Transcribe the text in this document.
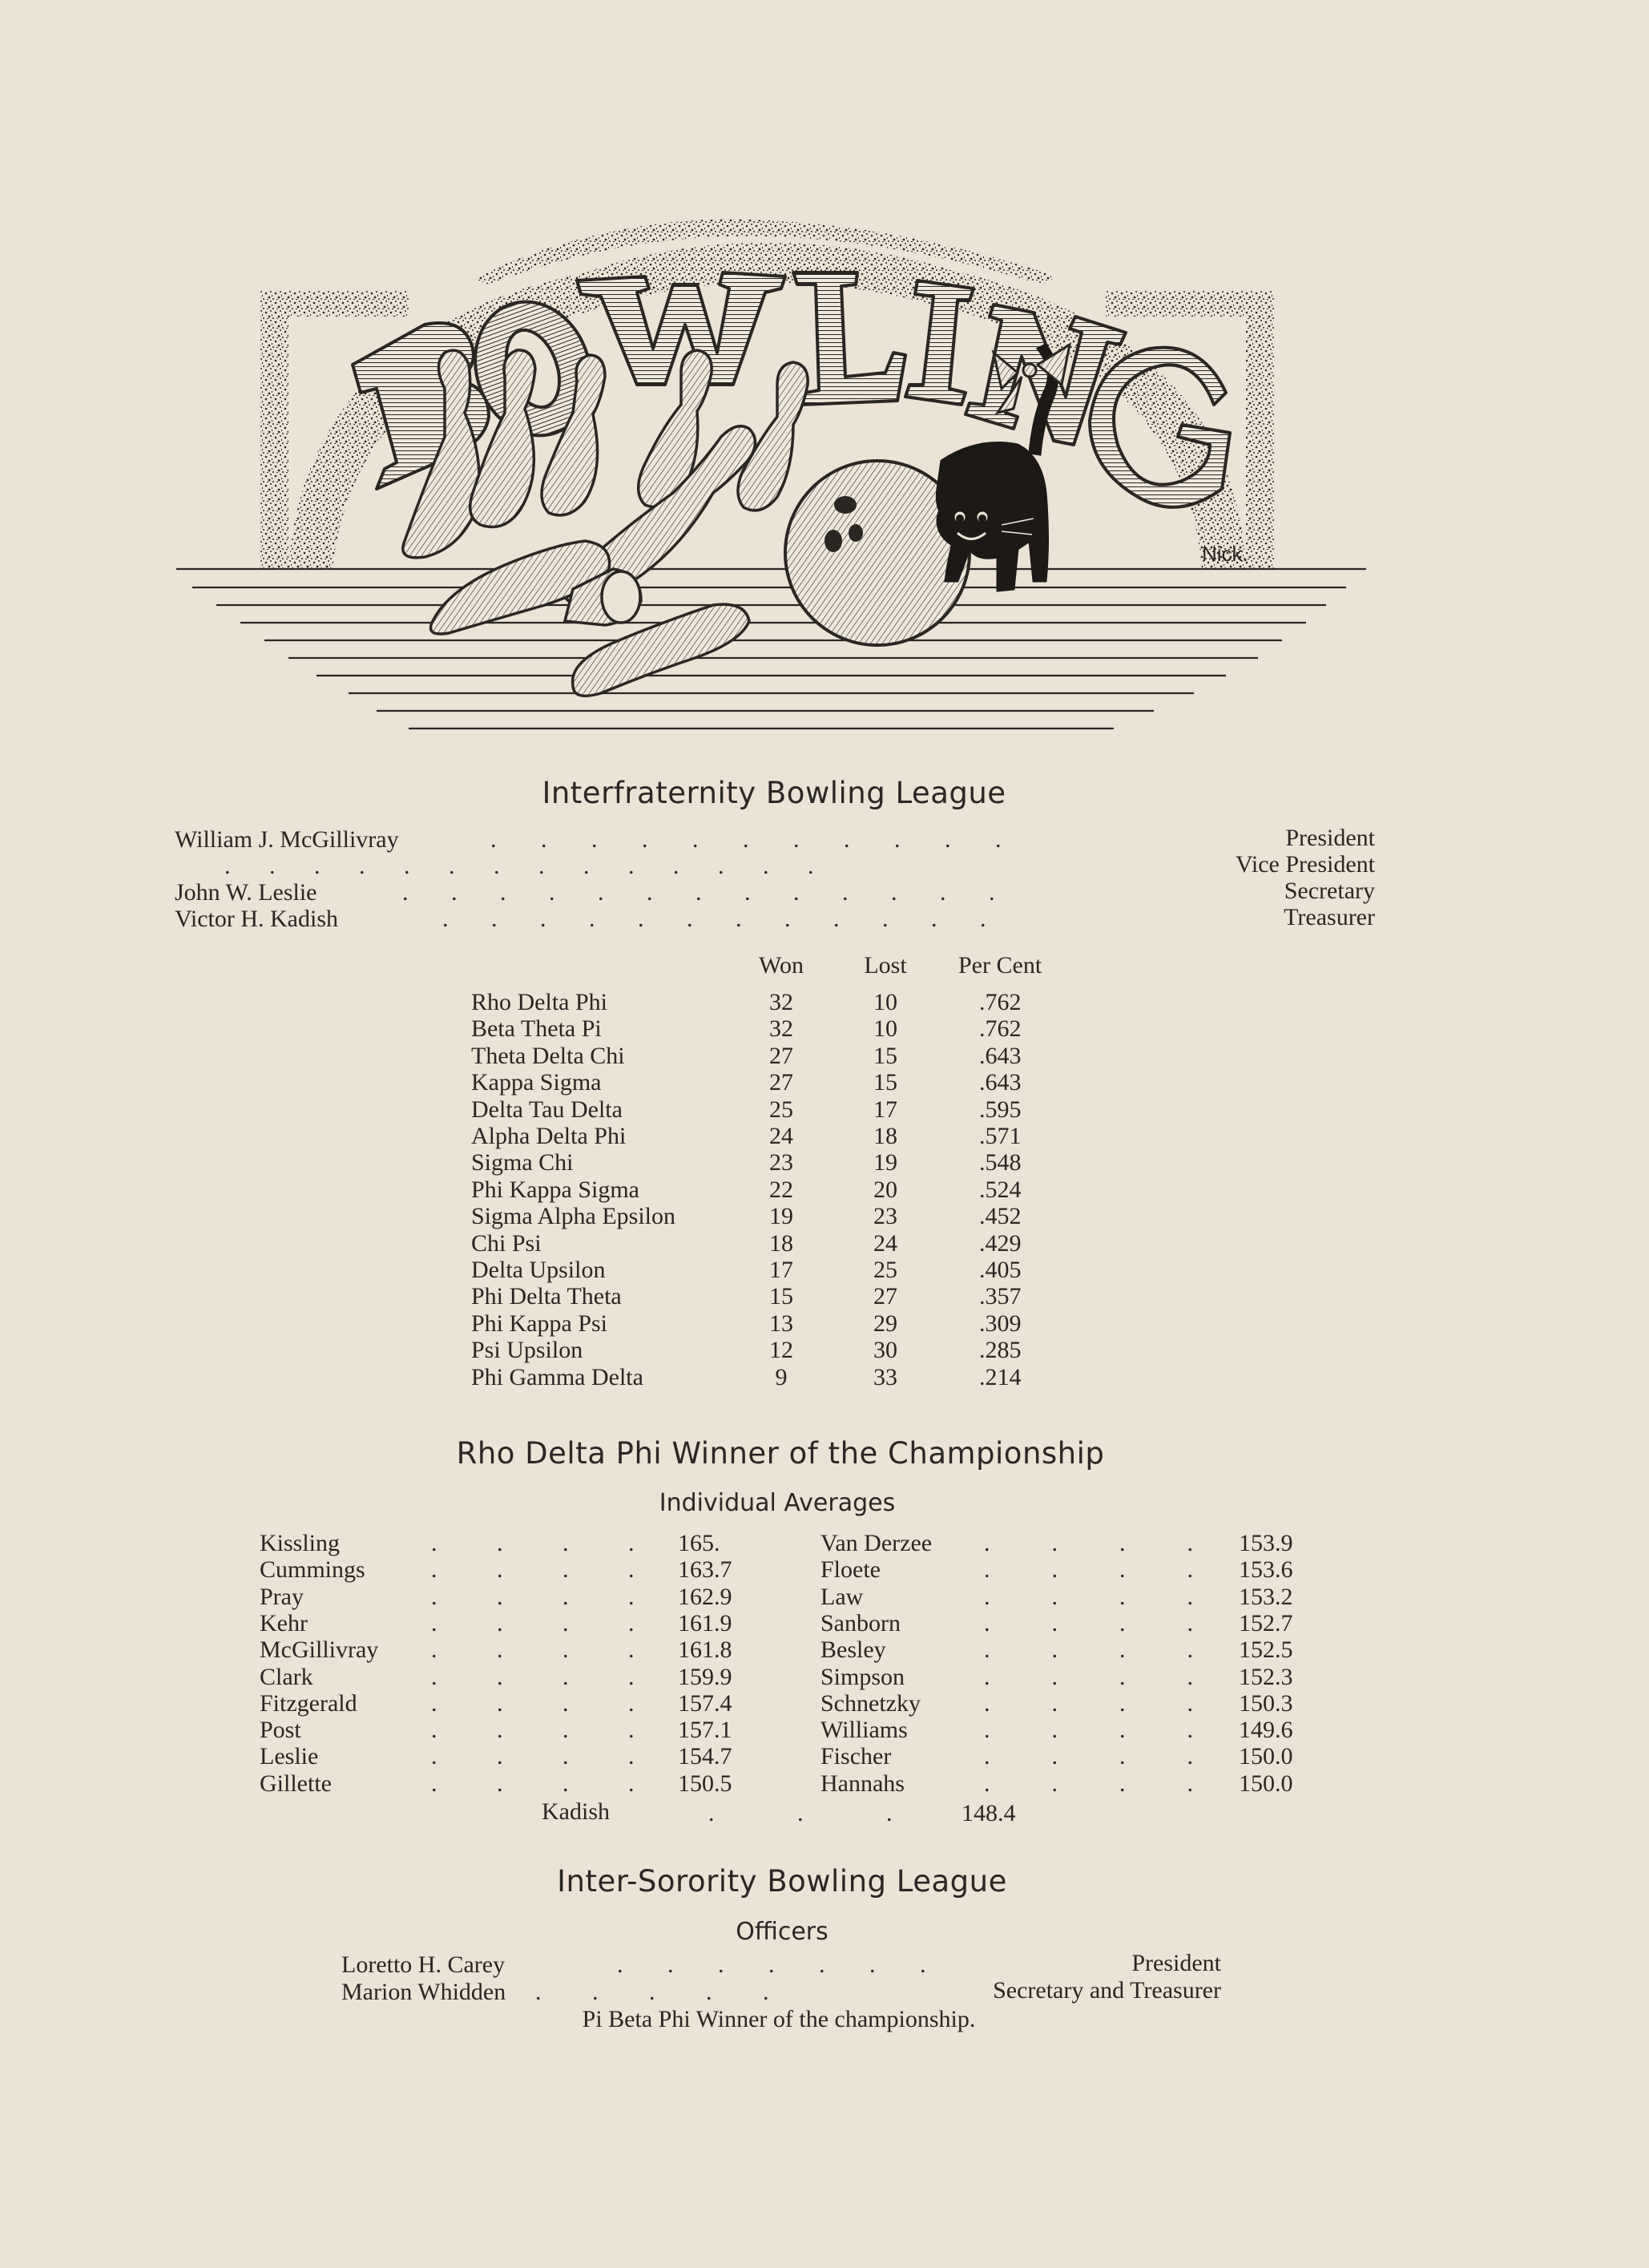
Nick.
Interfraternity Bowling League
William J. McGillivray	. . . . . . . . . . .	President
. . . . . . . . . . . . . .	Vice President
John W. Leslie	. . . . . . . . . . . . .	Secretary
Victor H. Kadish	. . . . . . . . . . . .	Treasurer
Won	Lost	Per Cent
Rho Delta Phi	32	10	.762
Beta Theta Pi	32	10	.762
Theta Delta Chi	27	15	.643
Kappa Sigma	27	15	.643
Delta Tau Delta	25	17	.595
Alpha Delta Phi	24	18	.571
Sigma Chi	23	19	.548
Phi Kappa Sigma	22	20	.524
Sigma Alpha Epsilon	19	23	.452
Chi Psi	18	24	.429
Delta Upsilon	17	25	.405
Phi Delta Theta	15	27	.357
Phi Kappa Psi	13	29	.309
Psi Upsilon	12	30	.285
Phi Gamma Delta	9	33	.214
Rho Delta Phi Winner of the Championship
Individual Averages
Kissling	. . . . 165.
Cummings	. . . . 163.7
Pray	. . . . 162.9
Kehr	. . . . 161.9
McGillivray . . . . 161.8
Clark	. . . . 159.9
Fitzgerald	. . . . 157.4
Post	. . . . 157.1
Leslie	. . . . 154.7
Gillette	. . . . 150.5
Van Derzee . . . . 153.9
Floete	. . . . 153.6
Law	. . . . 153.2
Sanborn	. . . . 152.7
Besley	. . . . 152.5
Simpson	. . . . 152.3
Schnetzky	. . . . 150.3
Williams	. . . . 149.6
Fischer	. . . . 150.0
Hannahs	. . . . 150.0
Kadish	. . .	148.4
Inter-Sorority Bowling League
Officers
Loretto H. Carey	. . . . . . .	President
Marion Whidden . . . . .	Secretary and Treasurer
Pi Beta Phi Winner of the championship.
